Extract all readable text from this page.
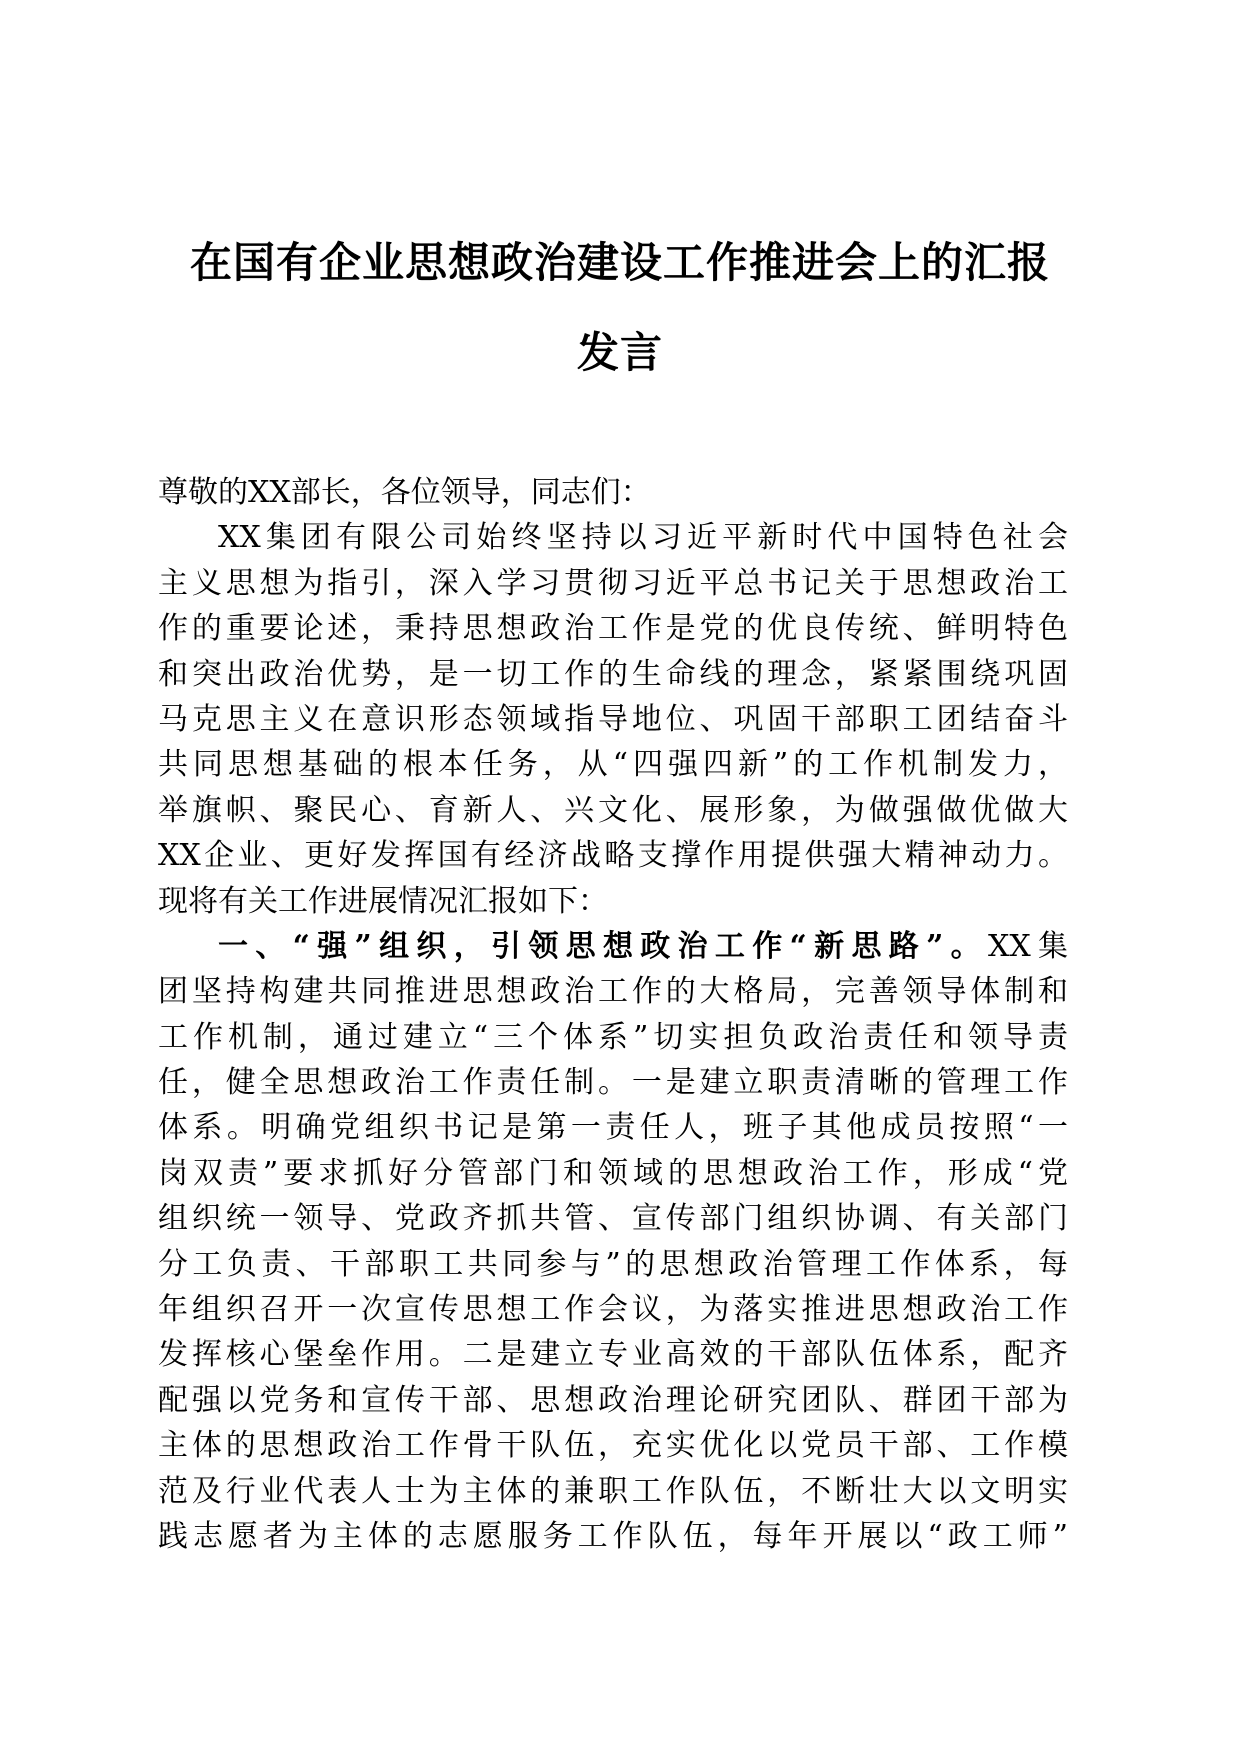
在国有企业思想政治建设工作推进会上的汇报
发言
尊敬的XX部长，各位领导，同志们：
XX集团有限公司始终坚持以习近平新时代中国特色社会
主义思想为指引，深入学习贯彻习近平总书记关于思想政治工
作的重要论述，秉持思想政治工作是党的优良传统、鲜明特色
和突出政治优势，是一切工作的生命线的理念，紧紧围绕巩固
马克思主义在意识形态领域指导地位、巩固干部职工团结奋斗
共同思想基础的根本任务，从“四强四新”的工作机制发力，
举旗帜、聚民心、育新人、兴文化、展形象，为做强做优做大
XX企业、更好发挥国有经济战略支撑作用提供强大精神动力。
现将有关工作进展情况汇报如下：
一、“强”组织，引领思想政治工作“新思路”。XX集
团坚持构建共同推进思想政治工作的大格局，完善领导体制和
工作机制，通过建立“三个体系”切实担负政治责任和领导责
任，健全思想政治工作责任制。一是建立职责清晰的管理工作
体系。明确党组织书记是第一责任人，班子其他成员按照“一
岗双责”要求抓好分管部门和领域的思想政治工作，形成“党
组织统一领导、党政齐抓共管、宣传部门组织协调、有关部门
分工负责、干部职工共同参与”的思想政治管理工作体系，每
年组织召开一次宣传思想工作会议，为落实推进思想政治工作
发挥核心堡垒作用。二是建立专业高效的干部队伍体系，配齐
配强以党务和宣传干部、思想政治理论研究团队、群团干部为
主体的思想政治工作骨干队伍，充实优化以党员干部、工作模
范及行业代表人士为主体的兼职工作队伍，不断壮大以文明实
践志愿者为主体的志愿服务工作队伍，每年开展以“政工师”
